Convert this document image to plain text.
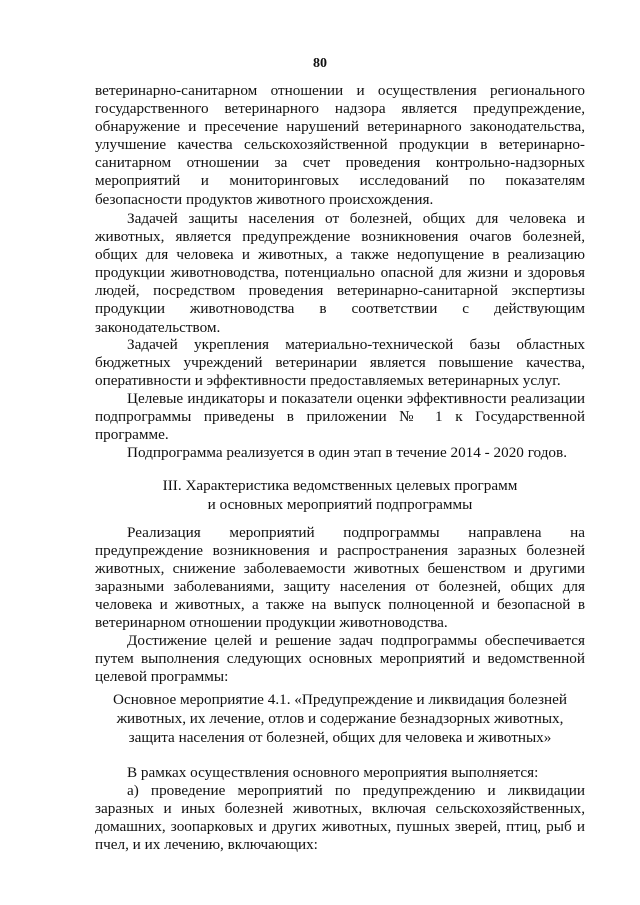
80
ветеринарно-санитарном отношении и осуществления регионального
государственного ветеринарного надзора является предупреждение,
обнаружение и пресечение нарушений ветеринарного законодательства,
улучшение качества сельскохозяйственной продукции в ветеринарно-
санитарном отношении за счет проведения контрольно-надзорных
мероприятий и мониторинговых исследований по показателям
безопасности продуктов животного происхождения.
Задачей защиты населения от болезней, общих для человека и
животных, является предупреждение возникновения очагов болезней,
общих для человека и животных, а также недопущение в реализацию
продукции животноводства, потенциально опасной для жизни и здоровья
людей, посредством проведения ветеринарно-санитарной экспертизы
продукции животноводства в соответствии с действующим
законодательством.
Задачей укрепления материально-технической базы областных
бюджетных учреждений ветеринарии является повышение качества,
оперативности и эффективности предоставляемых ветеринарных услуг.
Целевые индикаторы и показатели оценки эффективности реализации
подпрограммы приведены в приложении № 1 к Государственной
программе.
Подпрограмма реализуется в один этап в течение 2014 - 2020 годов.
III. Характеристика ведомственных целевых программ
и основных мероприятий подпрограммы
Реализация мероприятий подпрограммы направлена на
предупреждение возникновения и распространения заразных болезней
животных, снижение заболеваемости животных бешенством и другими
заразными заболеваниями, защиту населения от болезней, общих для
человека и животных, а также на выпуск полноценной и безопасной в
ветеринарном отношении продукции животноводства.
Достижение целей и решение задач подпрограммы обеспечивается
путем выполнения следующих основных мероприятий и ведомственной
целевой программы:
Основное мероприятие 4.1. «Предупреждение и ликвидация болезней
животных, их лечение, отлов и содержание безнадзорных животных,
защита населения от болезней, общих для человека и животных»
В рамках осуществления основного мероприятия выполняется:
а) проведение мероприятий по предупреждению и ликвидации
заразных и иных болезней животных, включая сельскохозяйственных,
домашних, зоопарковых и других животных, пушных зверей, птиц, рыб и
пчел, и их лечению, включающих:
